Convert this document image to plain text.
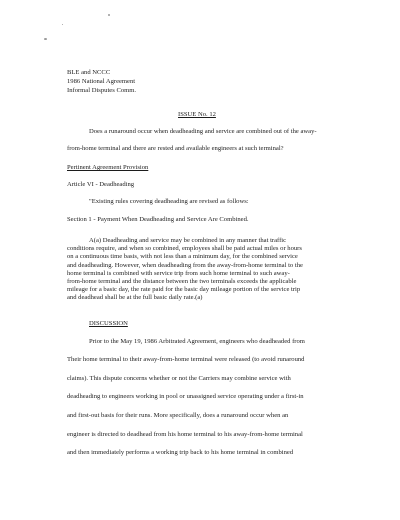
BLE and NCCC
1986 National Agreement
Informal Disputes Comm.
ISSUE No. 12
Does a runaround occur when deadheading and service are combined out of the away-
from-home terminal and there are rested and available engineers at such terminal?
Pertinent Agreement Provision
Article VI - Deadheading
"Existing rules covering deadheading are revised as follows:
Section 1 - Payment When Deadheading and Service Are Combined.
A(a) Deadheading and service may be combined in any manner that traffic
conditions require, and when so combined, employees shall be paid actual miles or hours
on a continuous time basis, with not less than a minimum day, for the combined service
and deadheading. However, when deadheading from the away-from-home terminal to the
home terminal is combined with service trip from such home terminal to such away-
from-home terminal and the distance between the two terminals exceeds the applicable
mileage for a basic day, the rate paid for the basic day mileage portion of the service trip
and deadhead shall be at the full basic daily rate.(a)
DISCUSSION
Prior to the May 19, 1986 Arbitrated Agreement, engineers who deadheaded from
Their home terminal to their away-from-home terminal were released (to avoid runaround
claims). This dispute concerns whether or not the Carriers may combine service with
deadheading to engineers working in pool or unassigned service operating under a first-in
and first-out basis for their runs. More specifically, does a runaround occur when an
engineer is directed to deadhead from his home terminal to his away-from-home terminal
and then immediately performs a working trip back to his home terminal in combined
